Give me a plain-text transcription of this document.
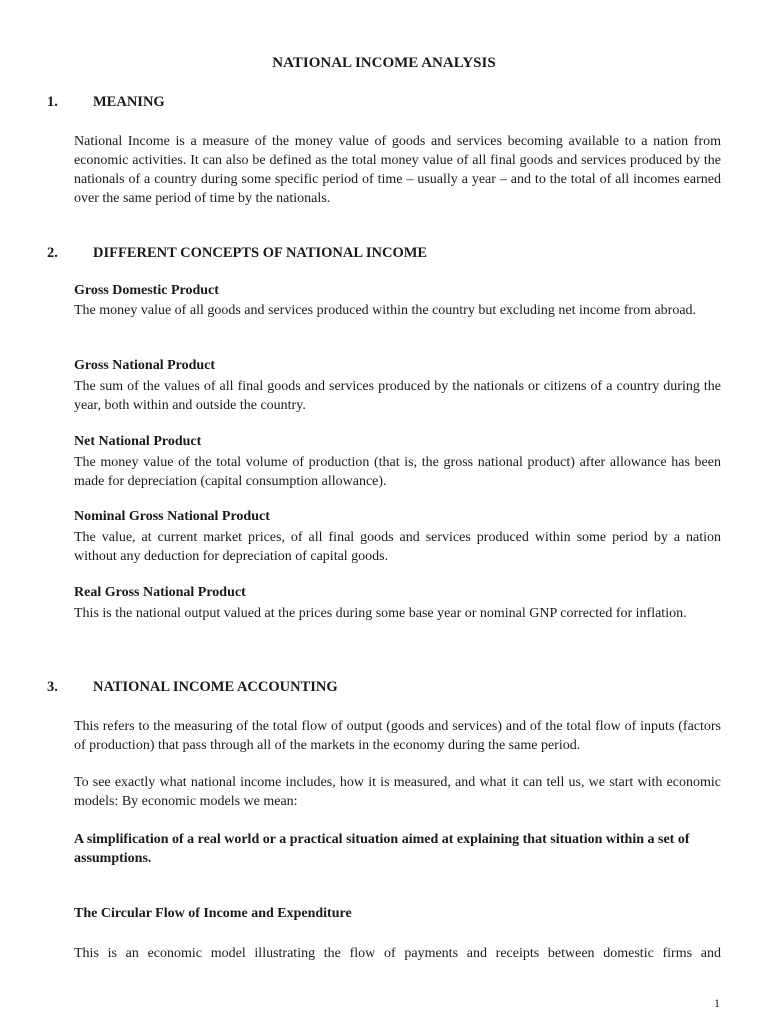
NATIONAL INCOME ANALYSIS
1. MEANING
National Income is a measure of the money value of goods and services becoming available to a nation from economic activities. It can also be defined as the total money value of all final goods and services produced by the nationals of a country during some specific period of time – usually a year – and to the total of all incomes earned over the same period of time by the nationals.
2. DIFFERENT CONCEPTS OF NATIONAL INCOME
Gross Domestic Product
The money value of all goods and services produced within the country but excluding net income from abroad.
Gross National Product
The sum of the values of all final goods and services produced by the nationals or citizens of a country during the year, both within and outside the country.
Net National Product
The money value of the total volume of production (that is, the gross national product) after allowance has been made for depreciation (capital consumption allowance).
Nominal Gross National Product
The value, at current market prices, of all final goods and services produced within some period by a nation without any deduction for depreciation of capital goods.
Real Gross National Product
This is the national output valued at the prices during some base year or nominal GNP corrected for inflation.
3. NATIONAL INCOME ACCOUNTING
This refers to the measuring of the total flow of output (goods and services) and of the total flow of inputs (factors of production) that pass through all of the markets in the economy during the same period.
To see exactly what national income includes, how it is measured, and what it can tell us, we start with economic models: By economic models we mean:
A simplification of a real world or a practical situation aimed at explaining that situation within a set of assumptions.
The Circular Flow of Income and Expenditure
This is an economic model illustrating the flow of payments and receipts between domestic firms and
1
